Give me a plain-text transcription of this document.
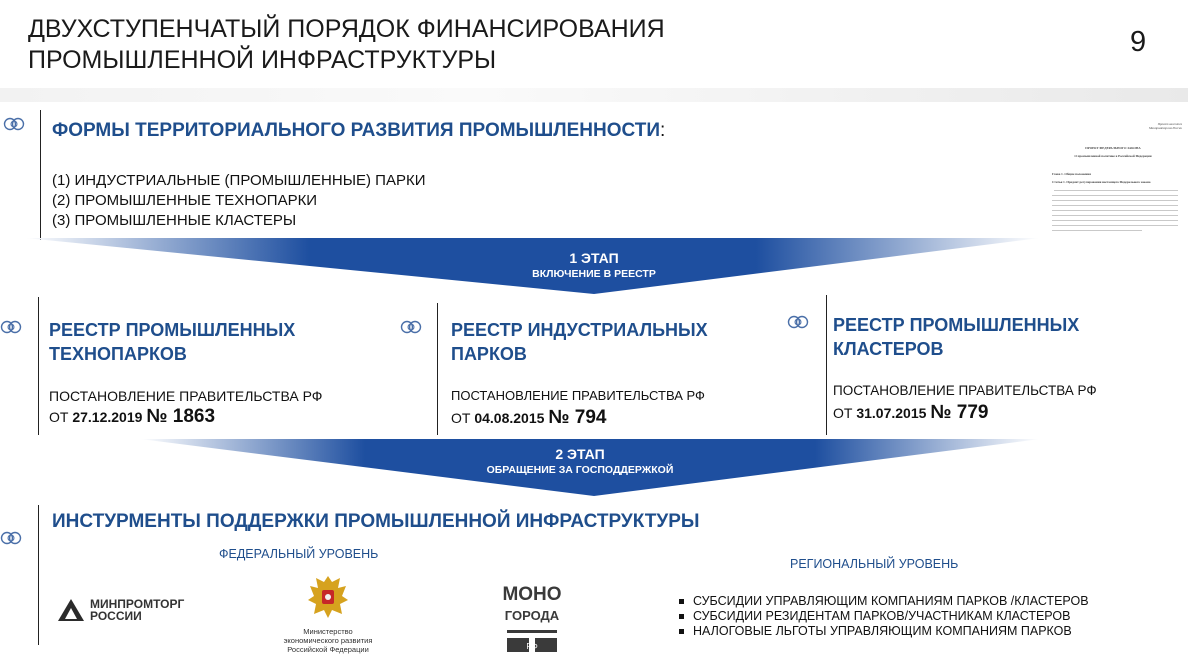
ДВУХСТУПЕНЧАТЫЙ ПОРЯДОК ФИНАНСИРОВАНИЯ
ПРОМЫШЛЕННОЙ ИНФРАСТРУКТУРЫ
9
ФОРМЫ ТЕРРИТОРИАЛЬНОГО РАЗВИТИЯ ПРОМЫШЛЕННОСТИ:
(1) ИНДУСТРИАЛЬНЫЕ (ПРОМЫШЛЕННЫЕ) ПАРКИ
(2) ПРОМЫШЛЕННЫЕ ТЕХНОПАРКИ
(3) ПРОМЫШЛЕННЫЕ КЛАСТЕРЫ
Проект вносится Минпромторгом России
ПРОЕКТ ФЕДЕРАЛЬНОГО ЗАКОНА
О промышленной политике в Российской Федерации
Глава 1. Общие положения
Статья 1. Предмет регулирования настоящего Федерального закона
1 ЭТАП
ВКЛЮЧЕНИЕ В РЕЕСТР
РЕЕСТР ПРОМЫШЛЕННЫХ
ТЕХНОПАРКОВ
ПОСТАНОВЛЕНИЕ ПРАВИТЕЛЬСТВА РФ
ОТ 27.12.2019 № 1863
РЕЕСТР ИНДУСТРИАЛЬНЫХ
ПАРКОВ
ПОСТАНОВЛЕНИЕ ПРАВИТЕЛЬСТВА РФ
ОТ 04.08.2015 № 794
РЕЕСТР ПРОМЫШЛЕННЫХ
КЛАСТЕРОВ
ПОСТАНОВЛЕНИЕ ПРАВИТЕЛЬСТВА РФ
ОТ 31.07.2015 № 779
2 ЭТАП
ОБРАЩЕНИЕ ЗА ГОСПОДДЕРЖКОЙ
ИНСТУРМЕНТЫ ПОДДЕРЖКИ ПРОМЫШЛЕННОЙ ИНФРАСТРУКТУРЫ
ФЕДЕРАЛЬНЫЙ УРОВЕНЬ
РЕГИОНАЛЬНЫЙ УРОВЕНЬ
СУБСИДИИ УПРАВЛЯЮЩИМ КОМПАНИЯМ ПАРКОВ /КЛАСТЕРОВ
СУБСИДИИ РЕЗИДЕНТАМ ПАРКОВ/УЧАСТНИКАМ КЛАСТЕРОВ
НАЛОГОВЫЕ ЛЬГОТЫ УПРАВЛЯЮЩИМ КОМПАНИЯМ ПАРКОВ
МИНПРОМТОРГ
РОССИИ
Министерство
экономического развития
Российской Федерации
МОНО
ГОРОДА
РФ
